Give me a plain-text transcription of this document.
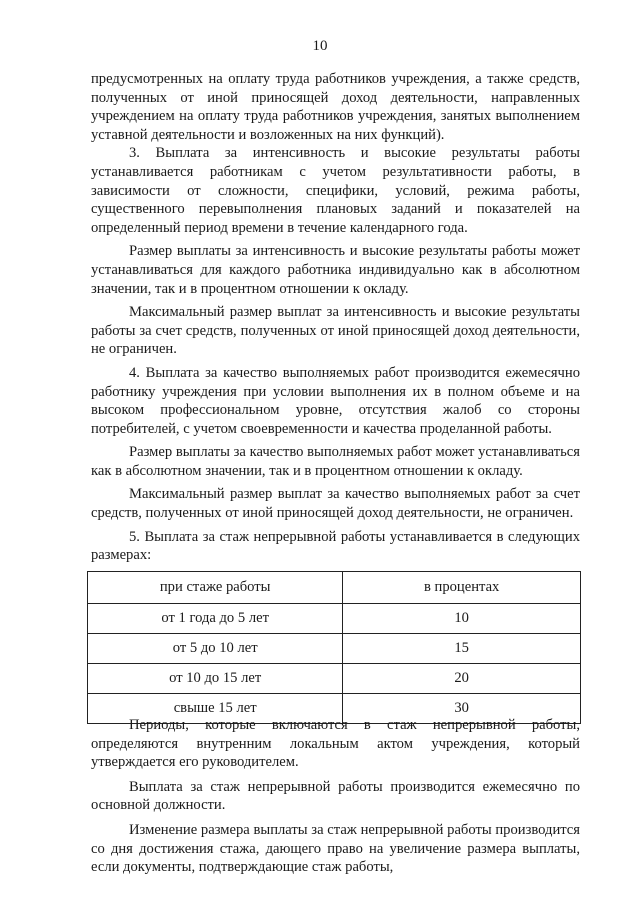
10

предусмотренных на оплату труда работников учреждения, а также средств, полученных от иной приносящей доход деятельности, направленных учреждением на оплату труда работников учреждения, занятых выполнением уставной деятельности и возложенных на них функций).

3. Выплата за интенсивность и высокие результаты работы устанавливается работникам с учетом результативности работы, в зависимости от сложности, специфики, условий, режима работы, существенного перевыполнения плановых заданий и показателей на определенный период времени в течение календарного года.

Размер выплаты за интенсивность и высокие результаты работы может устанавливаться для каждого работника индивидуально как в абсолютном значении, так и в процентном отношении к окладу.

Максимальный размер выплат за интенсивность и высокие результаты работы за счет средств, полученных от иной приносящей доход деятельности, не ограничен.

4. Выплата за качество выполняемых работ производится ежемесячно работнику учреждения при условии выполнения их в полном объеме и на высоком профессиональном уровне, отсутствия жалоб со стороны потребителей, с учетом своевременности и качества проделанной работы.

Размер выплаты за качество выполняемых работ может устанавливаться как в абсолютном значении, так и в процентном отношении к окладу.

Максимальный размер выплат за качество выполняемых работ за счет средств, полученных от иной приносящей доход деятельности, не ограничен.

5. Выплата за стаж непрерывной работы устанавливается в следующих размерах:

при стаже работы	в процентах
от 1 года до 5 лет	10
от 5 до 10 лет	15
от 10 до 15 лет	20
свыше 15 лет	30

Периоды, которые включаются в стаж непрерывной работы, определяются внутренним локальным актом учреждения, который утверждается его руководителем.

Выплата за стаж непрерывной работы производится ежемесячно по основной должности.

Изменение размера выплаты за стаж непрерывной работы производится со дня достижения стажа, дающего право на увеличение размера выплаты, если документы, подтверждающие стаж работы,
